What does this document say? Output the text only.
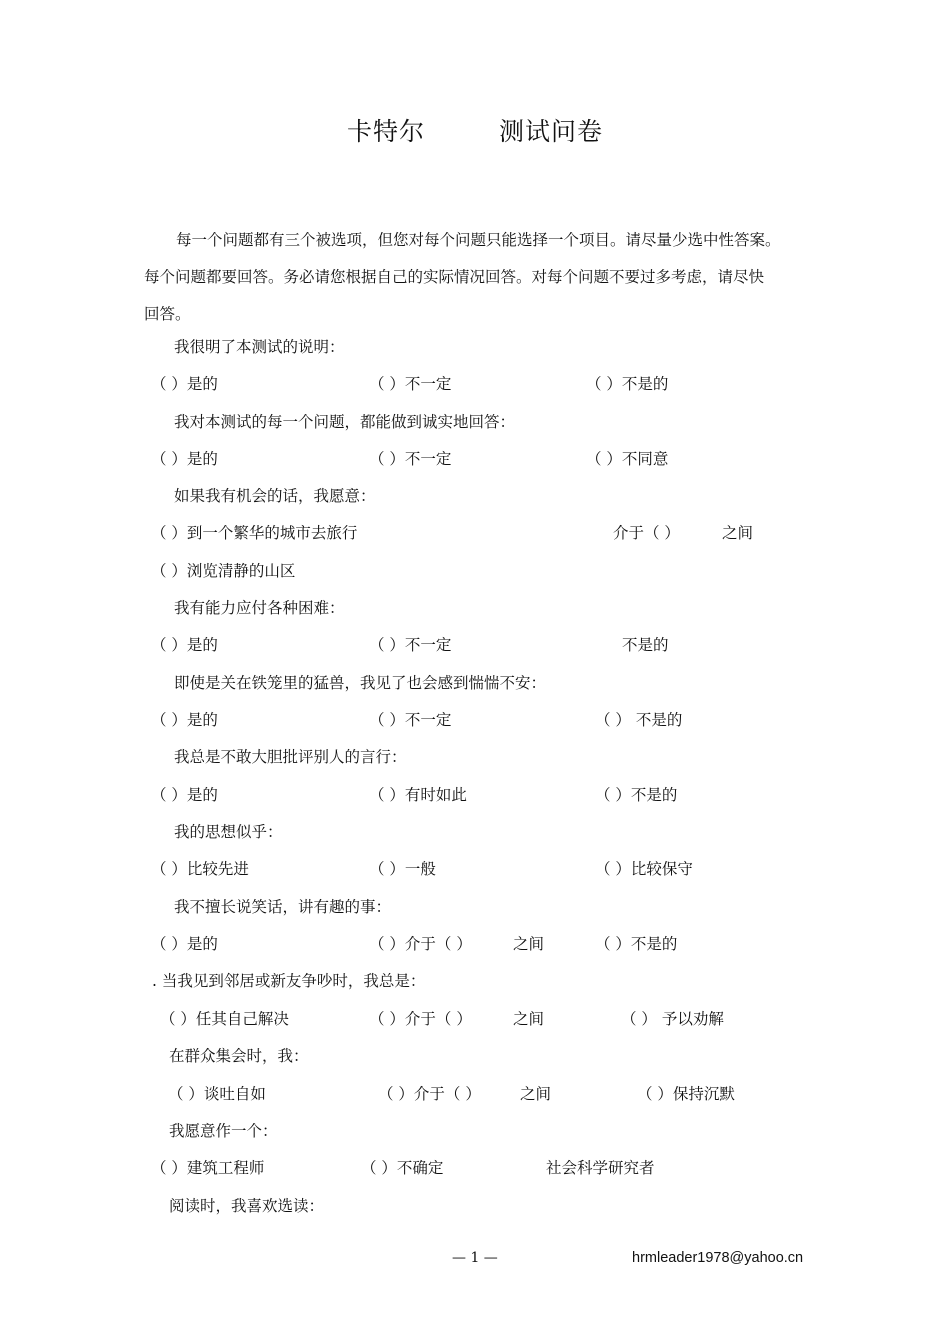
卡特尔	测试问卷

每一个问题都有三个被选项，但您对每个问题只能选择一个项目。请尽量少选中性答案。

每个问题都要回答。务必请您根据自己的实际情况回答。对每个问题不要过多考虑，请尽快

回答。

我很明了本测试的说明：
（ ）是的	（ ）不一定	（ ）不是的
我对本测试的每一个问题，都能做到诚实地回答：
（ ）是的	（ ）不一定	（ ）不同意
如果我有机会的话，我愿意：
（ ）到一个繁华的城市去旅行	介于（ ）	之间
（ ）浏览清静的山区
我有能力应付各种困难：
（ ）是的	（ ）不一定	不是的
即使是关在铁笼里的猛兽，我见了也会感到惴惴不安：
（ ）是的	（ ）不一定	（ ） 不是的
我总是不敢大胆批评别人的言行：
（ ）是的	（ ）有时如此	（ ）不是的
我的思想似乎：
（ ）比较先进	（ ）一般	（ ）比较保守
我不擅长说笑话，讲有趣的事：
（ ）是的	（ ）介于（ ）	之间	（ ）不是的
. 当我见到邻居或新友争吵时，我总是：
（ ）任其自己解决	（ ）介于（ ）	之间	（ ） 予以劝解
在群众集会时，我：
（ ）谈吐自如	（ ）介于（ ）	之间	（ ）保持沉默
我愿意作一个：
（ ）建筑工程师	（ ）不确定	社会科学研究者
阅读时，我喜欢选读：
— 1 —	hrmleader1978@yahoo.cn
